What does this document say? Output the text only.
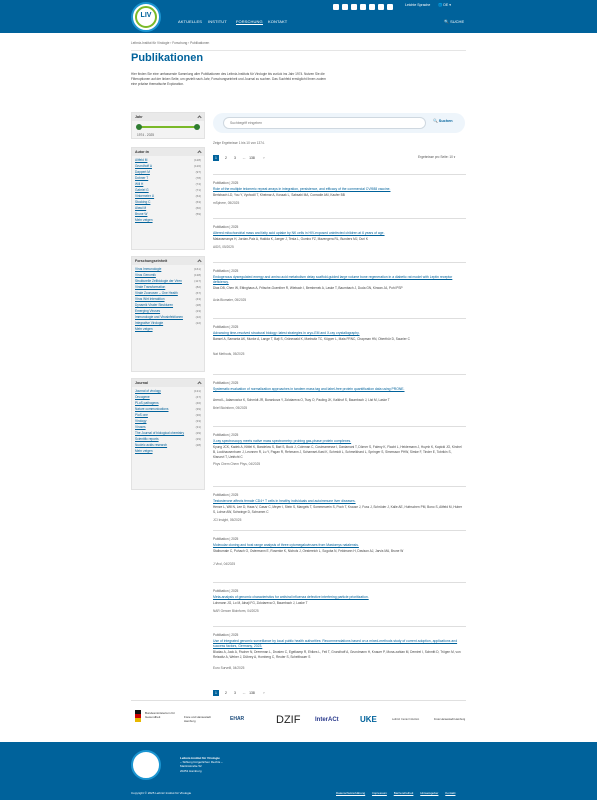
LIV
Leichte Sprache 🌐 DE ▾
AKTUELLES INSTITUT FORSCHUNG KONTAKT	🔍 SUCHE
Leibniz-Institut für Virologie › Forschung › Publikationen
Publikationen
Hier finden Sie eine umfassende Sammlung aller Publikationen des Leibniz-Instituts für Virologie bis zurück ins Jahr 1974. Nutzen Sie die Filteroptionen auf der linken Seite, um gezielt nach Jahr, Forschungseinheit und Journal zu suchen. Das Suchfeld ermöglicht Ihnen zudem eine präzise thematische Exploration.
Jahr
1974 - 2025
Autor:in
Altfeld M	(128)
Grundhoff A	(126)
Dappert M	(97)
Dobner T	(78)
Will H	(74)
Gabriel G	(71)
Vinkemeier U	(64)
Stocking C	(63)
Alawi M	(60)
Brune W	(59)
Mehr zeigen
Forschungseinheit
Virus Immunologie	(161)
Virus Genomik	(138)
Strukturelle Zellbiologie der Viren	(117)
Virale Transformation	(82)
Virale Zoonosen – One Health	(67)
Virus Wirt Interaktion	(43)
Dynamik Viraler Strukturen	(28)
Emerging Viruses	(23)
Immunologie und Virusinfektionen	(22)
Integrative Virologie	(22)
Mehr zeigen
Journal
Journal of virology	(131)
Oncogene	(47)
PLoS pathogens	(46)
Nature communications	(39)
PloS one	(36)
Virology	(33)
Viruses	(31)
The Journal of biological chemistry	(29)
Scientific reports	(29)
Nucleic acids research	(28)
Mehr zeigen
Suchbegriff eingeben
🔍 Suchen
Zeige Ergebnisse 1 bis 10 von 1374.
1	2	3	...	138	›	Ergebnisse pro Seite: 10 ▾
Publikation | 2025
Role of the multiple telomeric repeat arrays in integration, persistence, and efficacy of the commercial CVI988 vaccine.
Bertzbach LD, You Y, Vychodil T, Kheimar A, Kossak L, Sabsabi MA, Conradie AM, Kaufer BB
mSphere, 05/2025
Publikation | 2025
Altered mitochondrial mass and fatty acid uptake by NK cells in HIV-exposed uninfected children at 6 years of age.
Matavarnanya H, Jordan-Paiz A, Haidda K, Jaeger J, Testa L, Gumbo FZ, Mazengera RL, Bunders MJ, Duri K
AIDS, 05/2025
Publikation | 2025
Endogenous dysregulated energy and amino acid metabolism delay scaffold-guided large volume bone regeneration in a diabetic rat model with Leptin receptor deficiency.
Dias DB, Chen W, Ettinghaus A, Fritsche-Guenther R, Wiebach I, Bembenek A, Laske T, Baumbach J, Duda GN, Kirwan JA, Pohl PSP
Acta Biomater, 05/2025
Publikation | 2025
Advancing time-resolved structural biology: latest strategies in cryo-EM and X-ray crystallography.
Bansel A, Samanta AK, Munke A, Lange T, Bajt S, Grünewald K, Markwitz TC, Küpper L, Maia FRNC, Chapman HN, Oberthür D, Saunier C
Nat Methods, 05/2025
Publikation | 2025
Systematic evaluation of normalization approaches in tandem mass tag and label-free protein quantification data using PRONE.
Arend L, Adamowicz K, Schmidt JR, Burankova Y, Zolotareva O, Tsoy O, Pauling JK, Kalkhof S, Baumbach J, List M, Laske T
Brief Bioinform, 05/2025
Publikation | 2025
X-ray spectroscopy meets native mass spectrometry: probing gas-phase protein complexes.
Kyung JCK, Kadek A, Kittlel K, Bandelow S, Bari S, Buck J, Coleman C, Cosimamesse I, Daniamani T, Dörner S, Faleny K, Flacht L, Heidemann J, Huynh K, Kapicki JO, Kirchel B, Lockhausenbuen J, Leonnen R, Lu Y, Pagan R, Rehmann J, Schamset-Kast K, Schmidt L, Schmelkhard L, Springer S, Simmsson PHW, Simke F, Tinder E, Tobrikin S, Kisruevl T, Uetricht C
Phys Chem Chem Phys, 04/2025
Publikation | 2025
Testosterone affects female CD4+ T cells in healthy individuals and autoimmune liver diseases.
Henze L, Will N, Lee D, Haas V, Casar C, Meyer I, Stein S, Mangels T, Sommerwein S, Poch T, Krause J, Fuss J, Schröder J, Kalle AE, Hufnschen PM, Bono S, Altfeld M, Huber S, Lohse AW, Schwinge D, Schramm C
JCI Insight, 05/2025
Publikation | 2025
Molecular cloning and host range analysis of three cytomegaloviruses from Mastomys natalensis.
Stalbumale C, Puhach O, Ostermann E, Rosenke K, Nichols J, Oestereich L, Sogoba N, Feldmann H, Davison AJ, Jarvis MA, Brune W
J Virol, 04/2025
Publikation | 2025
Meta-analysis of genomic characteristics for antiviral influenza defective interfering particle prioritization.
Lohmann JG, Lo M, Alnaji FG, Zolotareva O, Baumbach J, Laske T
NAR Genom Bioinform, 04/2025
Publikation | 2025
Use of integrated genomic surveillance by local public health authorities: Recommendations based on a mixed-methods study of current adoption, applications and success factors, Germany, 2023.
Bludau A, Jack A, Fischer N, Drereman L, Drosten C, Egelkamp R, Ehlkes L, Feil T, Grundhoff A, Grundmann H, Knauer P, Mona-zahian M, Demirel I, Schmitt D, Trögen M, von Reiswitz A, Weber J, Dübrey A, Homberg C, Reuter S, Scheithauer S
Euro Surveill, 04/2025
1	2	3	...	138	›
Bundesministerium für Gesundheit	Freie und Hansestadt Hamburg	EHAR	DZIF InterACt	UKE	Leibniz Center Infection	Freie Hansestadt Hamburg
Leibniz-Institut für Virologie
– Stiftung bürgerlichen Rechts –
Martinistraße 52
20251 Hamburg
Copyright © 2025 Leibniz Institut für Virologie	Datenschutzerklärung Impressum Barrierefreiheit Hinweisgeber Kontakt
